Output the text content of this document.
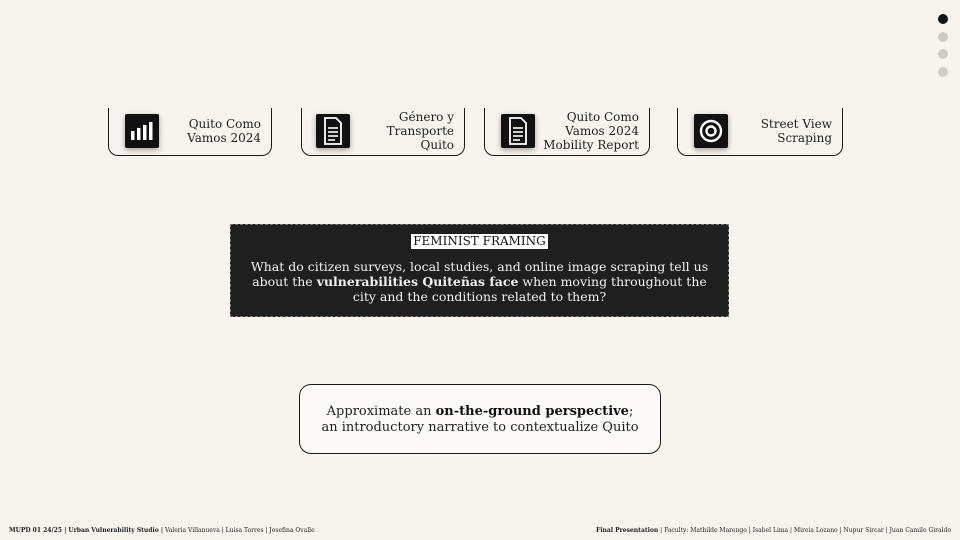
Quito Como
Vamos 2024
Género y
Transporte
Quito
Quito Como
Vamos 2024
Mobility Report
Street View
Scraping
FEMINIST FRAMING
What do citizen surveys, local studies, and online image scraping tell us about the vulnerabilities Quiteñas face when moving throughout the city and the conditions related to them?
Approximate an on-the-ground perspective;
an introductory narrative to contextualize Quito
MUPD 01 24/25 | Urban Vulnerability Studio | Valeria Villanueva | Luisa Torres | Josefina Ovalle	Final Presentation | Faculty: Mathilde Marengo | Isabel Lima | Mireia Lozano | Nupur Sircar | Juan Camilo Giraldo
